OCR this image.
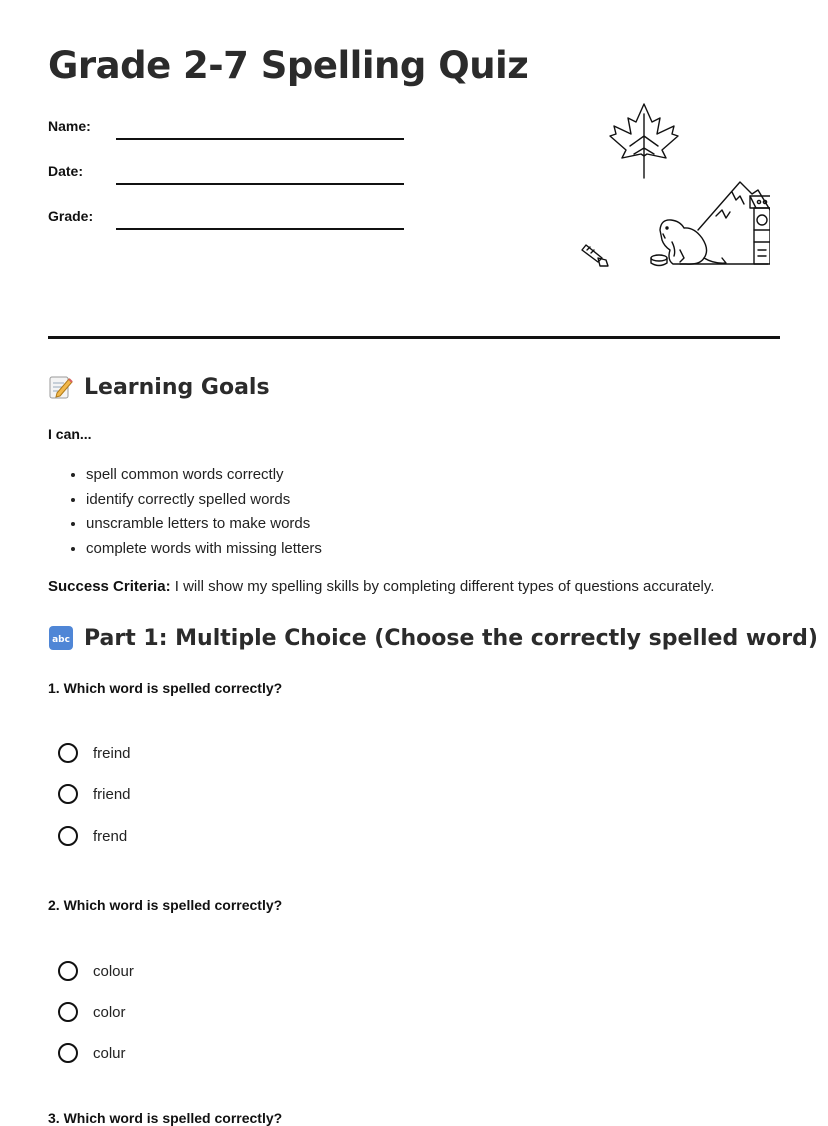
Grade 2-7 Spelling Quiz
Name:
Date:
Grade:
Learning Goals
I can...
• spell common words correctly
• identify correctly spelled words
• unscramble letters to make words
• complete words with missing letters
Success Criteria: I will show my spelling skills by completing different types of questions accurately.
abc Part 1: Multiple Choice (Choose the correctly spelled word)
1. Which word is spelled correctly?
freind
friend
frend
2. Which word is spelled correctly?
colour
color
colur
3. Which word is spelled correctly?
